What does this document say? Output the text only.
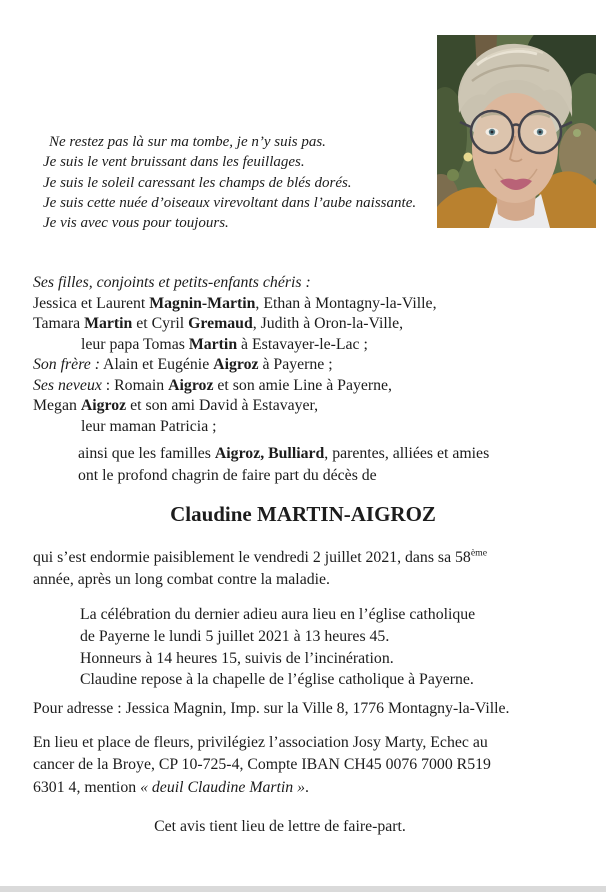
Ne restez pas là sur ma tombe, je n’y suis pas.
Je suis le vent bruissant dans les feuillages.
Je suis le soleil caressant les champs de blés dorés.
Je suis cette nuée d’oiseaux virevoltant dans l’aube naissante.
Je vis avec vous pour toujours.
Ses filles, conjoints et petits-enfants chéris :
Jessica et Laurent Magnin-Martin, Ethan à Montagny-la-Ville,
Tamara Martin et Cyril Gremaud, Judith à Oron-la-Ville,
leur papa Tomas Martin à Estavayer-le-Lac ;
Son frère : Alain et Eugénie Aigroz à Payerne ;
Ses neveux : Romain Aigroz et son amie Line à Payerne,
Megan Aigroz et son ami David à Estavayer,
leur maman Patricia ;
ainsi que les familles Aigroz, Bulliard, parentes, alliées et amies
ont le profond chagrin de faire part du décès de
Claudine MARTIN-AIGROZ
qui s’est endormie paisiblement le vendredi 2 juillet 2021, dans sa 58ème
année, après un long combat contre la maladie.
La célébration du dernier adieu aura lieu en l’église catholique
de Payerne le lundi 5 juillet 2021 à 13 heures 45.
Honneurs à 14 heures 15, suivis de l’incinération.
Claudine repose à la chapelle de l’église catholique à Payerne.
Pour adresse : Jessica Magnin, Imp. sur la Ville 8, 1776 Montagny-la-Ville.
En lieu et place de fleurs, privilégiez l’association Josy Marty, Echec au
cancer de la Broye, CP 10-725-4, Compte IBAN CH45 0076 7000 R519
6301 4, mention « deuil Claudine Martin ».
Cet avis tient lieu de lettre de faire-part.
